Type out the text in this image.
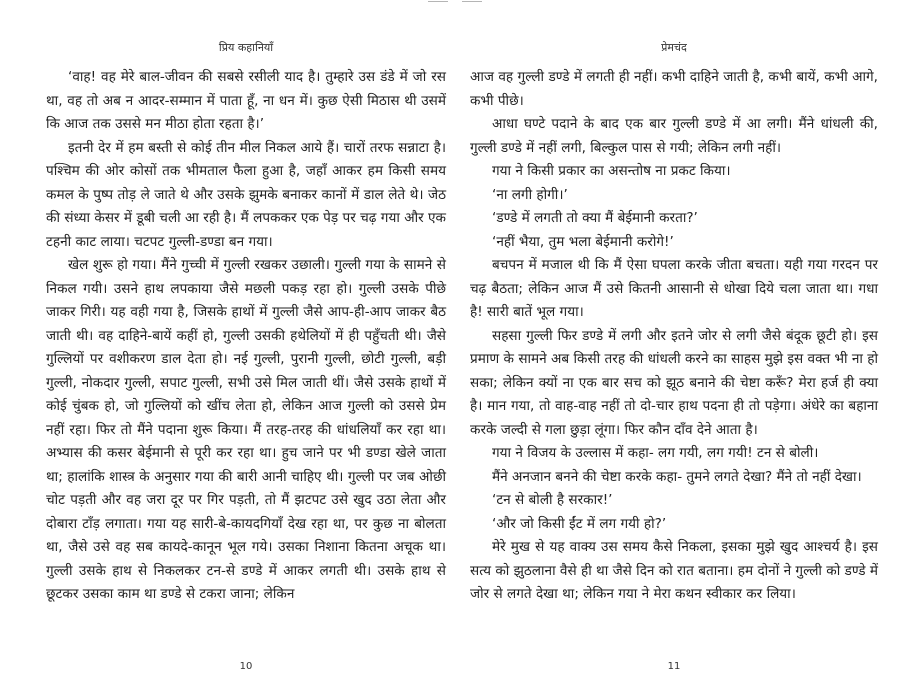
प्रिय कहानियाँ

‘वाह! वह मेरे बाल-जीवन की सबसे रसीली याद है। तुम्हारे उस डंडे में जो रस था, वह तो अब न आदर-सम्मान में पाता हूँ, ना धन में। कुछ ऐसी मिठास थी उसमें कि आज तक उससे मन मीठा होता रहता है।’

इतनी देर में हम बस्ती से कोई तीन मील निकल आये हैं। चारों तरफ सन्नाटा है। पश्चिम की ओर कोसों तक भीमताल फैला हुआ है, जहाँ आकर हम किसी समय कमल के पुष्प तोड़ ले जाते थे और उसके झुमके बनाकर कानों में डाल लेते थे। जेठ की संध्या केसर में डूबी चली आ रही है। मैं लपककर एक पेड़ पर चढ़ गया और एक टहनी काट लाया। चटपट गुल्ली-डण्डा बन गया।

खेल शुरू हो गया। मैंने गुच्ची में गुल्ली रखकर उछाली। गुल्ली गया के सामने से निकल गयी। उसने हाथ लपकाया जैसे मछली पकड़ रहा हो। गुल्ली उसके पीछे जाकर गिरी। यह वही गया है, जिसके हाथों में गुल्ली जैसे आप-ही-आप जाकर बैठ जाती थी। वह दाहिने-बायें कहीं हो, गुल्ली उसकी हथेलियों में ही पहुँचती थी। जैसे गुल्लियों पर वशीकरण डाल देता हो। नई गुल्ली, पुरानी गुल्ली, छोटी गुल्ली, बड़ी गुल्ली, नोकदार गुल्ली, सपाट गुल्ली, सभी उसे मिल जाती थीं। जैसे उसके हाथों में कोई चुंबक हो, जो गुल्लियों को खींच लेता हो, लेकिन आज गुल्ली को उससे प्रेम नहीं रहा। फिर तो मैंने पदाना शुरू किया। मैं तरह-तरह की धांधलियाँ कर रहा था। अभ्यास की कसर बेईमानी से पूरी कर रहा था। हुच जाने पर भी डण्डा खेले जाता था; हालांकि शास्त्र के अनुसार गया की बारी आनी चाहिए थी। गुल्ली पर जब ओछी चोट पड़ती और वह जरा दूर पर गिर पड़ती, तो मैं झटपट उसे खुद उठा लेता और दोबारा टाँड़ लगाता। गया यह सारी-बे-कायदगियाँ देख रहा था, पर कुछ ना बोलता था, जैसे उसे वह सब कायदे-कानून भूल गये। उसका निशाना कितना अचूक था। गुल्ली उसके हाथ से निकलकर टन-से डण्डे में आकर लगती थी। उसके हाथ से छूटकर उसका काम था डण्डे से टकरा जाना; लेकिन

10
प्रेमचंद

आज वह गुल्ली डण्डे में लगती ही नहीं। कभी दाहिने जाती है, कभी बायें, कभी आगे, कभी पीछे।

आधा घण्टे पदाने के बाद एक बार गुल्ली डण्डे में आ लगी। मैंने धांधली की, गुल्ली डण्डे में नहीं लगी, बिल्कुल पास से गयी; लेकिन लगी नहीं।

गया ने किसी प्रकार का असन्तोष ना प्रकट किया।

‘ना लगी होगी।’

‘डण्डे में लगती तो क्या मैं बेईमानी करता?’

‘नहीं भैया, तुम भला बेईमानी करोगे!’

बचपन में मजाल थी कि मैं ऐसा घपला करके जीता बचता। यही गया गरदन पर चढ़ बैठता; लेकिन आज मैं उसे कितनी आसानी से धोखा दिये चला जाता था। गधा है! सारी बातें भूल गया।

सहसा गुल्ली फिर डण्डे में लगी और इतने जोर से लगी जैसे बंदूक छूटी हो। इस प्रमाण के सामने अब किसी तरह की धांधली करने का साहस मुझे इस वक्त भी ना हो सका; लेकिन क्यों ना एक बार सच को झूठ बनाने की चेष्टा करूँ? मेरा हर्ज ही क्या है। मान गया, तो वाह-वाह नहीं तो दो-चार हाथ पदना ही तो पड़ेगा। अंधेरे का बहाना करके जल्दी से गला छुड़ा लूंगा। फिर कौन दाँव देने आता है।

गया ने विजय के उल्लास में कहा- लग गयी, लग गयी! टन से बोली।

मैंने अनजान बनने की चेष्टा करके कहा- तुमने लगते देखा? मैंने तो नहीं देखा।

‘टन से बोली है सरकार!’

‘और जो किसी ईंट में लग गयी हो?’

मेरे मुख से यह वाक्य उस समय कैसे निकला, इसका मुझे खुद आश्चर्य है। इस सत्य को झुठलाना वैसे ही था जैसे दिन को रात बताना। हम दोनों ने गुल्ली को डण्डे में जोर से लगते देखा था; लेकिन गया ने मेरा कथन स्वीकार कर लिया।

11
